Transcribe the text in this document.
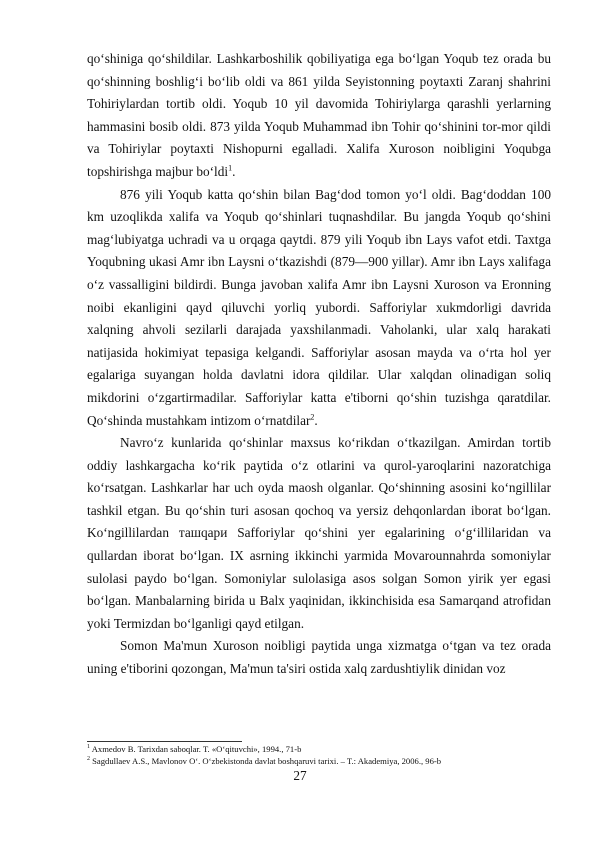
qo‘shiniga qo‘shildilar. Lashkarboshilik qobiliyatiga ega bo‘lgan Yoqub tez orada bu qo‘shinning boshlig‘i bo‘lib oldi va 861 yilda Seyistonning poytaxti Zaranj shahrini Tohiriylardan tortib oldi. Yoqub 10 yil davomida Tohiriylarga qarashli yerlarning hammasini bosib oldi. 873 yilda Yoqub Muhammad ibn Tohir qo‘shinini tor-mor qildi va Tohiriylar poytaxti Nishopurni egalladi. Xalifa Xuroson noibligini Yoqubga topshirishga majbur bo‘ldi$^1$.

876 yili Yoqub katta qo‘shin bilan Bag‘dod tomon yo‘l oldi. Bag‘doddan 100 km uzoqlikda xalifa va Yoqub qo‘shinlari tuqnashdilar. Bu jangda Yoqub qo‘shini mag‘lubiyatga uchradi va u orqaga qaytdi. 879 yili Yoqub ibn Lays vafot etdi. Taxtga Yoqubning ukasi Amr ibn Laysni o‘tkazishdi (879—900 yillar). Amr ibn Lays xalifaga o‘z vassalligini bildirdi. Bunga javoban xalifa Amr ibn Laysni Xuroson va Eronning noibi ekanligini qayd qiluvchi yorliq yubordi. Safforiylar xukmdorligi davrida xalqning ahvoli sezilarli darajada yaxshilanmadi. Vaholanki, ular xalq harakati natijasida hokimiyat tepasiga kelgandi. Safforiylar asosan mayda va o‘rta hol yer egalariga suyangan holda davlatni idora qildilar. Ular xalqdan olinadigan soliq mikdorini o‘zgartirmadilar. Safforiylar katta e'tiborni qo‘shin tuzishga qaratdilar. Qo‘shinda mustahkam intizom o‘rnatdilar$^2$.

Navro‘z kunlarida qo‘shinlar maxsus ko‘rikdan o‘tkazilgan. Amirdan tortib oddiy lashkargacha ko‘rik paytida o‘z otlarini va qurol-yaroqlarini nazoratchiga ko‘rsatgan. Lashkarlar har uch oyda maosh olganlar. Qo‘shinning asosini ko‘ngillilar tashkil etgan. Bu qo‘shin turi asosan qochoq va yersiz dehqonlardan iborat bo‘lgan. Ko‘ngillilardan ташqари Safforiylar qo‘shini yer egalarining o‘g‘illilaridan va qullardan iborat bo‘lgan. IX asrning ikkinchi yarmida Movarounnahrda somoniylar sulolasi paydo bo‘lgan. Somoniylar sulolasiga asos solgan Somon yirik yer egasi bo‘lgan. Manbalarning birida u Balx yaqinidan, ikkinchisida esa Samarqand atrofidan yoki Termizdan bo‘lganligi qayd etilgan.

Somon Ma'mun Xuroson noibligi paytida unga xizmatga o‘tgan va tez orada uning e'tiborini qozongan, Ma'mun ta'siri ostida xalq zardushtiylik dinidan voz

$^1$ Axmedov B. Tarixdan saboqlar. T. «O‘qituvchi», 1994., 71-b

$^2$ Sagdullaev A.S., Mavlonov O‘. O‘zbekistonda davlat boshqaruvi tarixi. – T.: Akademiya, 2006., 96-b

27
